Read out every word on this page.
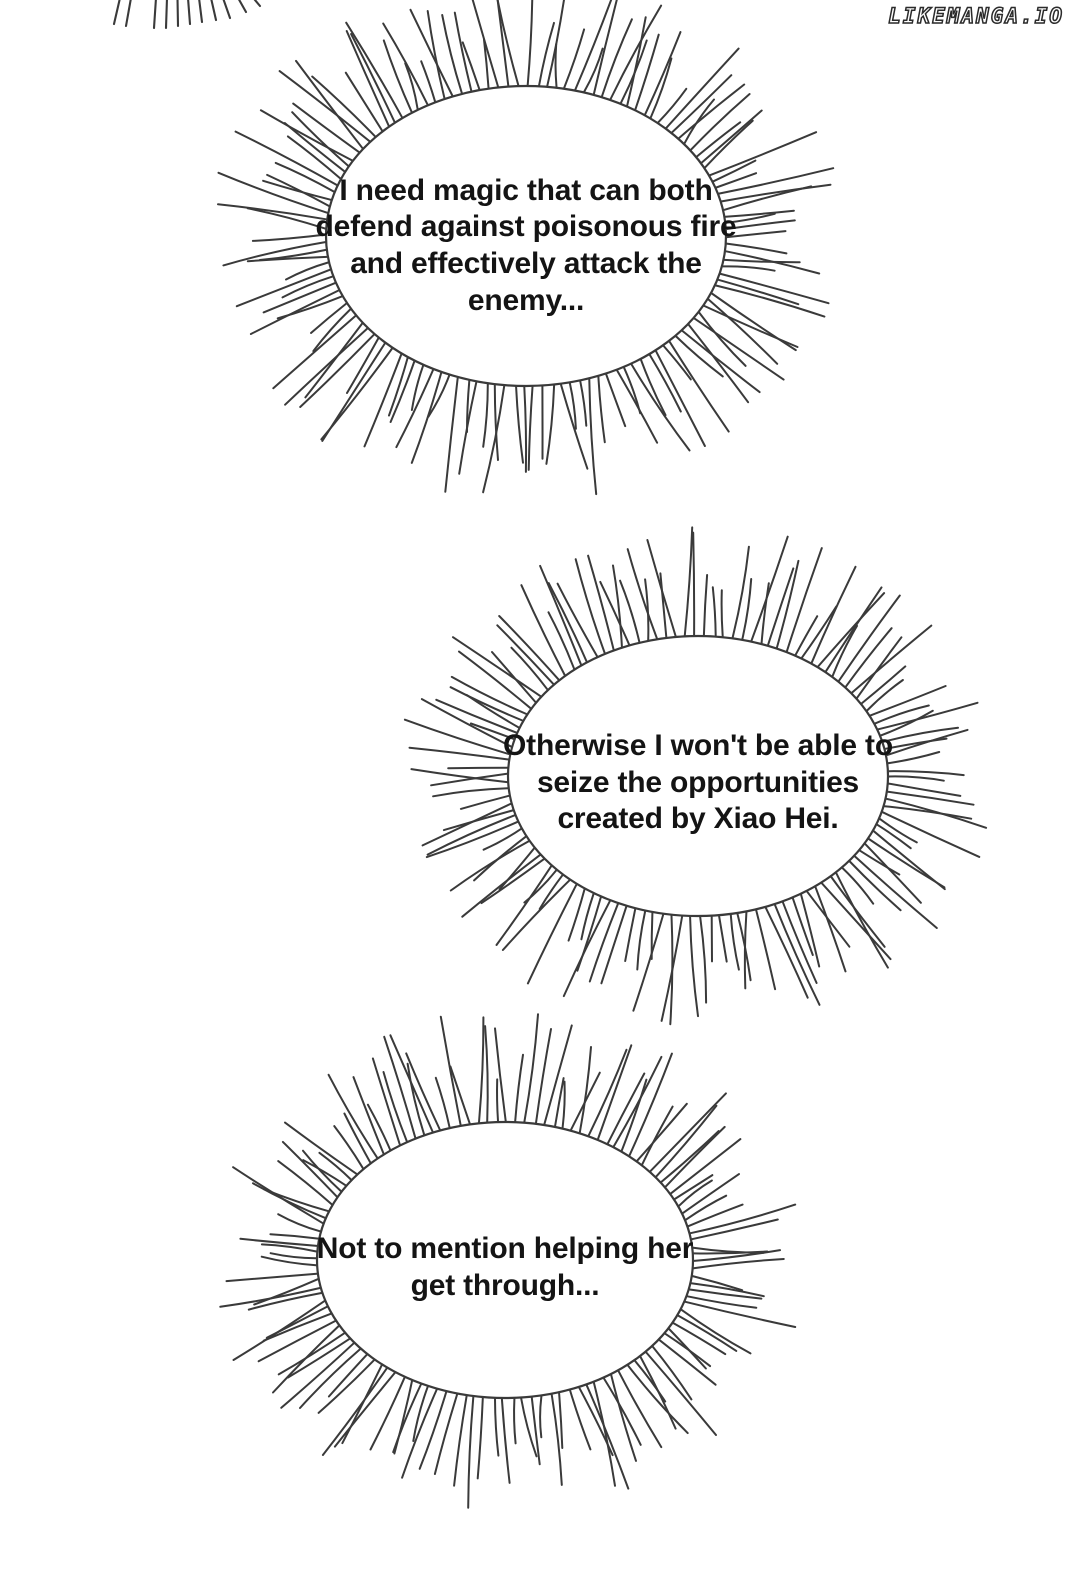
LIKEMANGA.IO
I need magic that can both defend against poisonous fire and effectively attack the enemy...
Otherwise I won't be able to seize the opportunities created by Xiao Hei.
Not to mention helping her get through...
